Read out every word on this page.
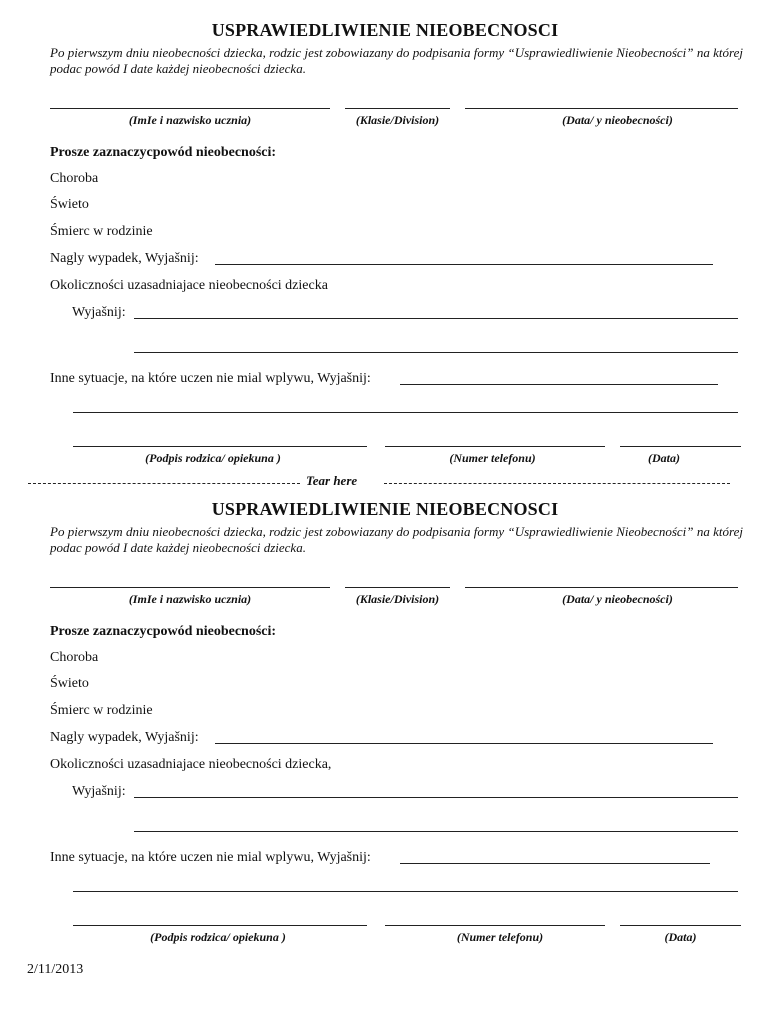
USPRAWIEDLIWIENIE NIEOBECNOSCI
Po pierwszym dniu nieobecności dziecka, rodzic jest zobowiazany do podpisania formy “Usprawiedliwienie Nieobecności” na której podac powód I date każdej nieobecności dziecka.
(ImIe i nazwisko ucznia)	(Klasie/Division)	(Data/ y nieobecności)
Prosze zaznaczycpowód nieobecności:
Choroba
Świeto
Śmierc w rodzinie
Nagly wypadek, Wyjašnij:
Okoliczności uzasadniajace nieobecności dziecka
Wyjašnij:
Inne sytuacje, na które uczen nie mial wplywu, Wyjašnij:
(Podpis rodzica/ opiekuna )	(Numer telefonu)	(Data)
Tear here
USPRAWIEDLIWIENIE NIEOBECNOSCI
Po pierwszym dniu nieobecności dziecka, rodzic jest zobowiazany do podpisania formy “Usprawiedliwienie Nieobecności” na której podac powód I date każdej nieobecności dziecka.
(ImIe i nazwisko ucznia)	(Klasie/Division)	(Data/ y nieobecności)
Prosze zaznaczycpowód nieobecności:
Choroba
Świeto
Śmierc w rodzinie
Nagly wypadek, Wyjašnij:
Okoliczności uzasadniajace nieobecności dziecka,
Wyjašnij:
Inne sytuacje, na które uczen nie mial wplywu, Wyjašnij:
(Podpis rodzica/ opiekuna )	(Numer telefonu)	(Data)
2/11/2013
